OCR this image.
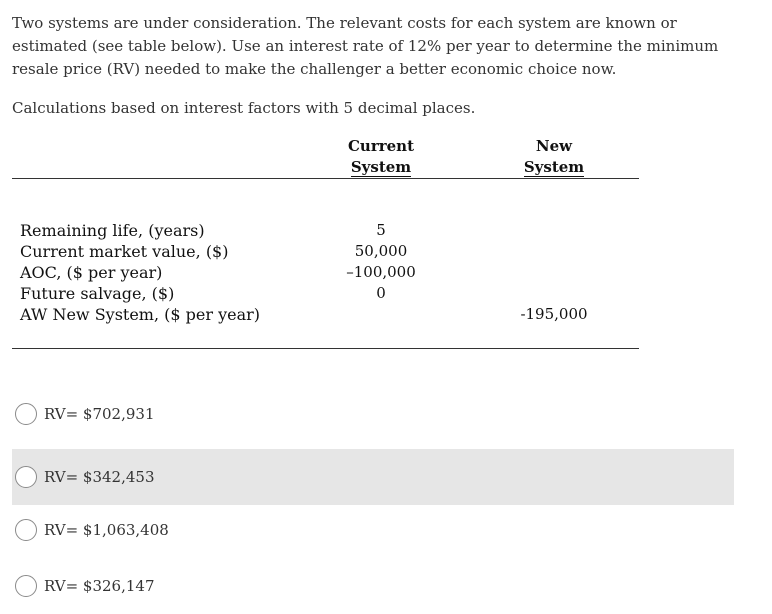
Two systems are under consideration. The relevant costs for each system are known or estimated (see table below). Use an interest rate of 12% per year to determine the minimum resale price (RV) needed to make the challenger a better economic choice now.
Calculations based on interest factors with 5 decimal places.
Current
System
New
System
Remaining life, (years)
Current market value, ($)
AOC, ($ per year)
Future salvage, ($)
AW New System, ($ per year)
5
50,000
–100,000
0
-195,000
RV= $702,931
RV= $342,453
RV= $1,063,408
RV= $326,147
